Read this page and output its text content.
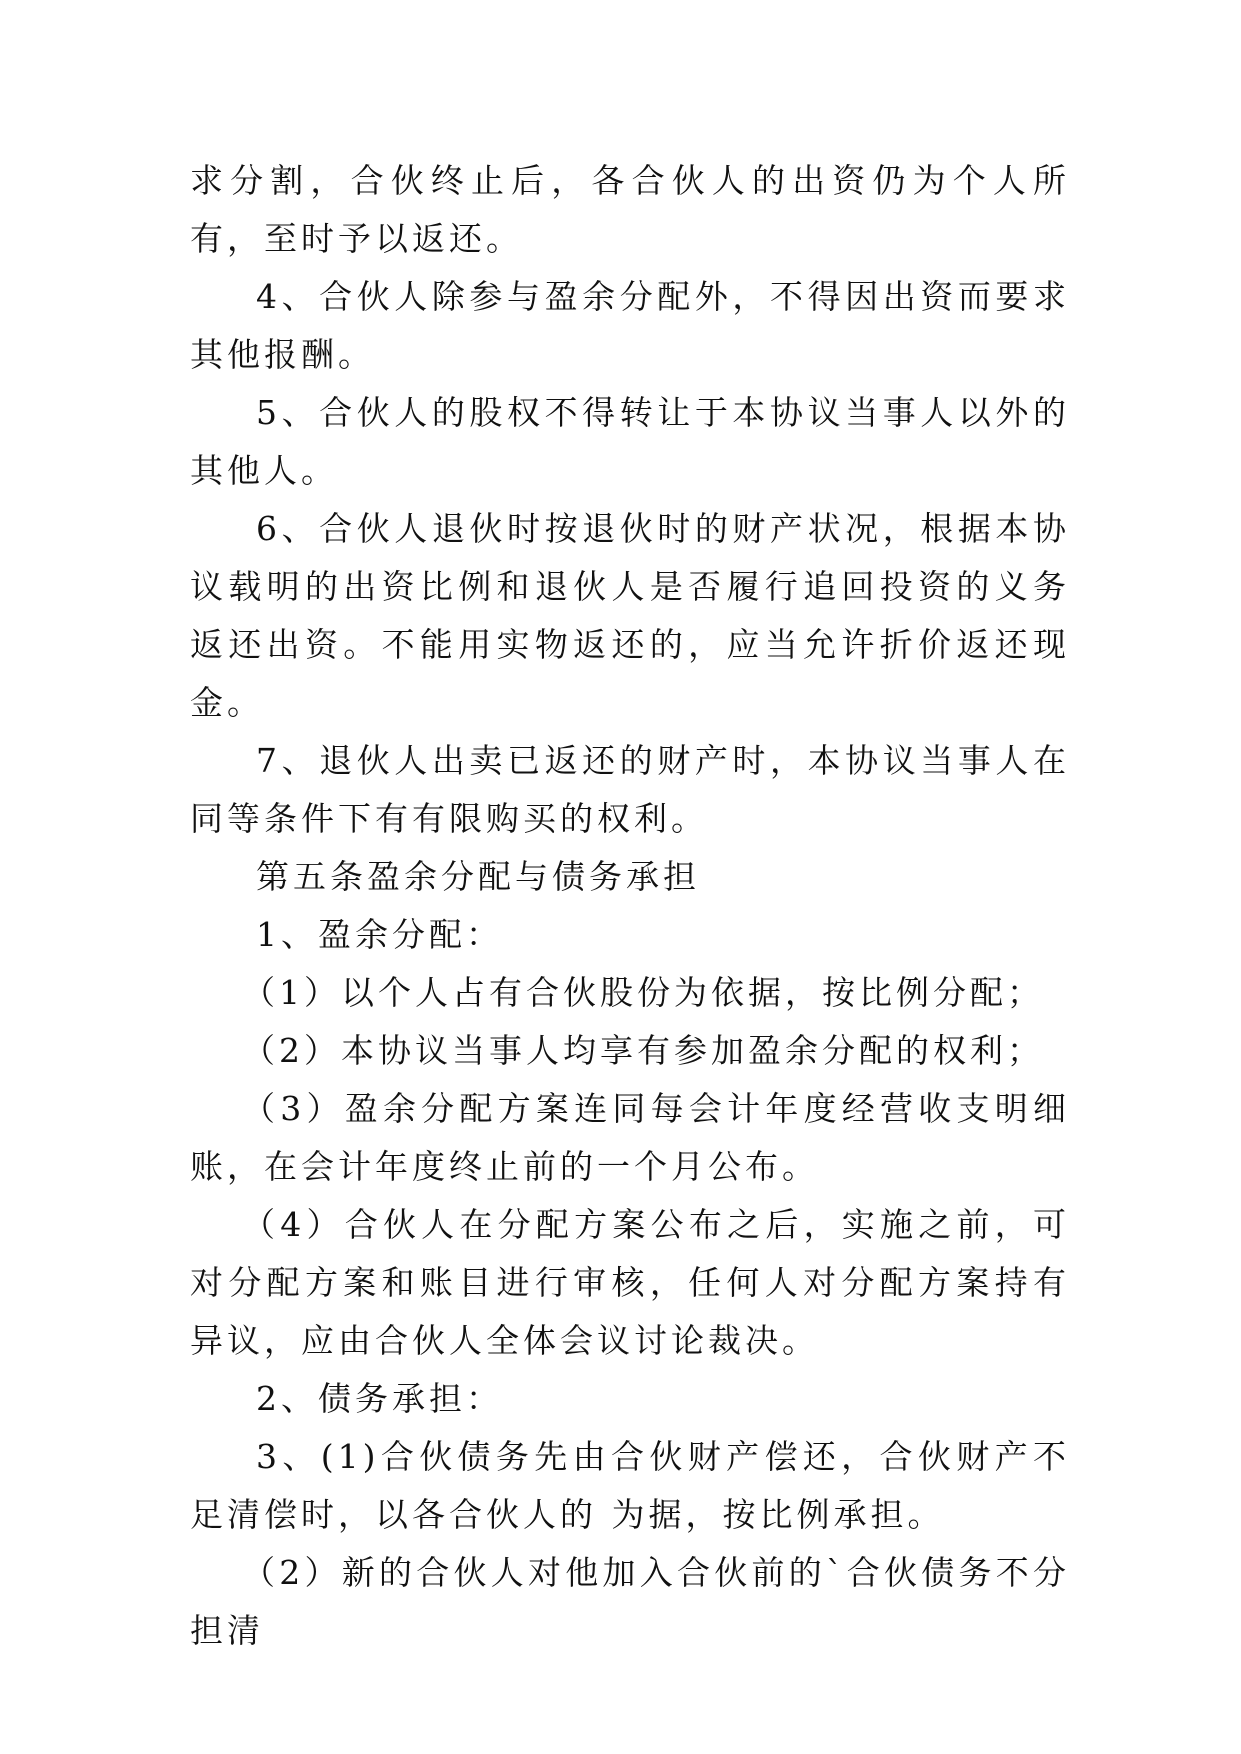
求分割，合伙终止后，各合伙人的出资仍为个人所有，至时予以返还。

4、合伙人除参与盈余分配外，不得因出资而要求其他报酬。

5、合伙人的股权不得转让于本协议当事人以外的其他人。

6、合伙人退伙时按退伙时的财产状况，根据本协议载明的出资比例和退伙人是否履行追回投资的义务返还出资。不能用实物返还的，应当允许折价返还现金。

7、退伙人出卖已返还的财产时，本协议当事人在同等条件下有有限购买的权利。

第五条盈余分配与债务承担

1、盈余分配：

（1）以个人占有合伙股份为依据，按比例分配；

（2）本协议当事人均享有参加盈余分配的权利；

（3）盈余分配方案连同每会计年度经营收支明细账，在会计年度终止前的一个月公布。

（4）合伙人在分配方案公布之后，实施之前，可对分配方案和账目进行审核，任何人对分配方案持有异议，应由合伙人全体会议讨论裁决。

2、债务承担：

3、(1)合伙债务先由合伙财产偿还，合伙财产不足清偿时，以各合伙人的 为据，按比例承担。

（2）新的合伙人对他加入合伙前的`合伙债务不分担清
